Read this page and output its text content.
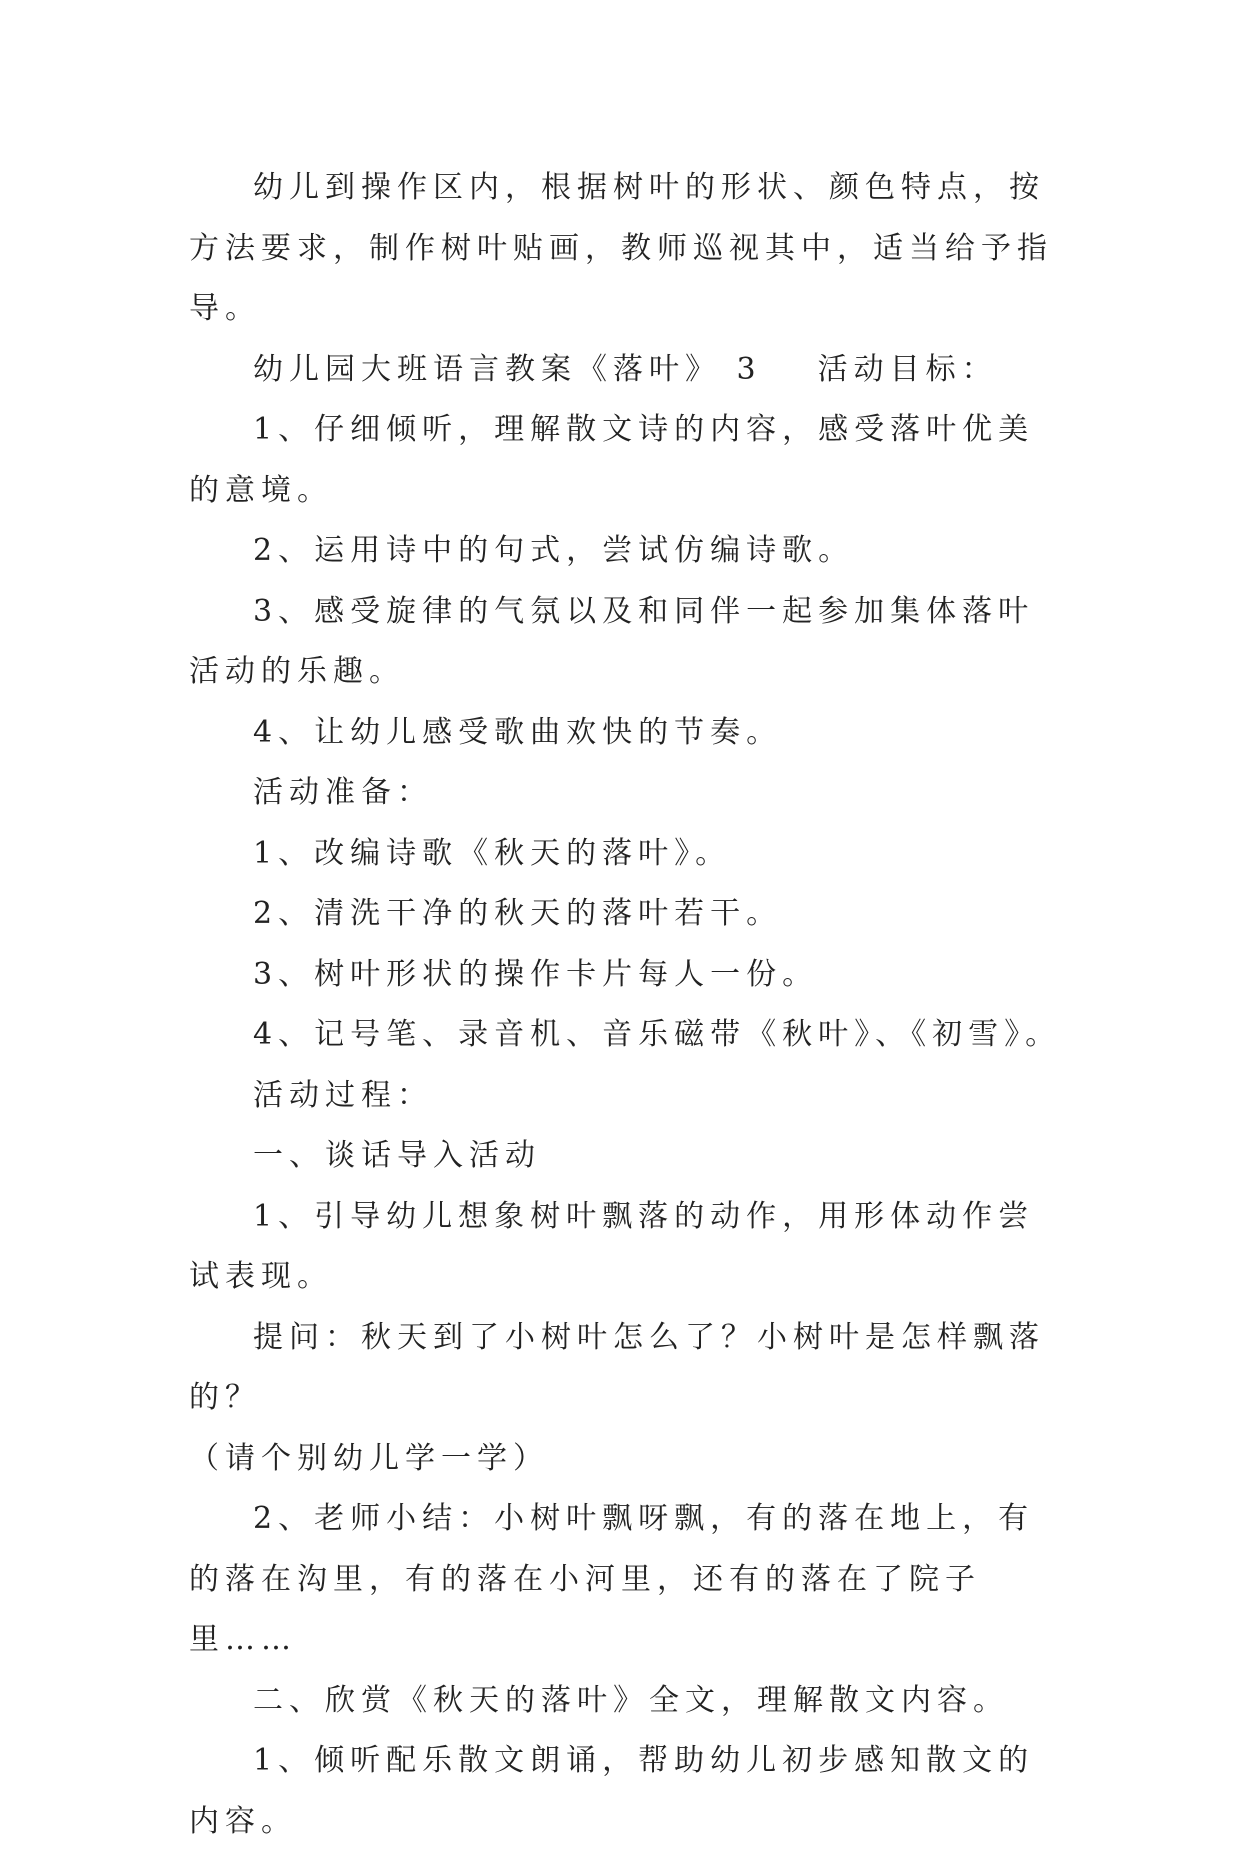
幼儿到操作区内，根据树叶的形状、颜色特点，按方法要求，制作树叶贴画，教师巡视其中，适当给予指导。

幼儿园大班语言教案《落叶》 3 活动目标：

1、仔细倾听，理解散文诗的内容，感受落叶优美的意境。

2、运用诗中的句式，尝试仿编诗歌。

3、感受旋律的气氛以及和同伴一起参加集体落叶活动的乐趣。

4、让幼儿感受歌曲欢快的节奏。

活动准备：

1、改编诗歌《秋天的落叶》。

2、清洗干净的秋天的落叶若干。

3、树叶形状的操作卡片每人一份。

4、记号笔、录音机、音乐磁带《秋叶》、《初雪》。

活动过程：

一、谈话导入活动

1、引导幼儿想象树叶飘落的动作，用形体动作尝试表现。

提问：秋天到了小树叶怎么了？小树叶是怎样飘落的？

（请个别幼儿学一学）

2、老师小结：小树叶飘呀飘，有的落在地上，有的落在沟里，有的落在小河里，还有的落在了院子里……

二、欣赏《秋天的落叶》全文，理解散文内容。

1、倾听配乐散文朗诵，帮助幼儿初步感知散文的内容。
